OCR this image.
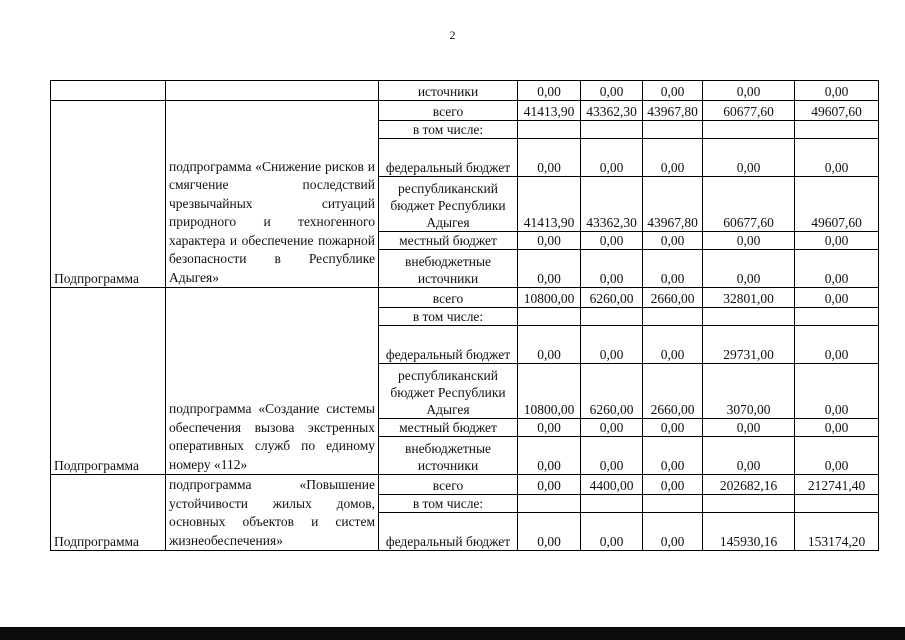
2
		источники	0,00	0,00	0,00	0,00	0,00
Подпрограмма	подпрограмма «Снижение рисков и смягчение последствий чрезвычайных ситуаций природного и техногенного характера и обеспечение пожарной безопасности в Республике Адыгея»	всего	41413,90	43362,30	43967,80	60677,60	49607,60
		в том числе:					
		федеральный бюджет	0,00	0,00	0,00	0,00	0,00
		республиканский бюджет Республики Адыгея	41413,90	43362,30	43967,80	60677,60	49607,60
		местный бюджет	0,00	0,00	0,00	0,00	0,00
		внебюджетные источники	0,00	0,00	0,00	0,00	0,00
Подпрограмма	подпрограмма «Создание системы обеспечения вызова экстренных оперативных служб по единому номеру «112»	всего	10800,00	6260,00	2660,00	32801,00	0,00
		в том числе:					
		федеральный бюджет	0,00	0,00	0,00	29731,00	0,00
		республиканский бюджет Республики Адыгея	10800,00	6260,00	2660,00	3070,00	0,00
		местный бюджет	0,00	0,00	0,00	0,00	0,00
		внебюджетные источники	0,00	0,00	0,00	0,00	0,00
Подпрограмма	подпрограмма «Повышение устойчивости жилых домов, основных объектов и систем жизнеобеспечения»	всего	0,00	4400,00	0,00	202682,16	212741,40
		в том числе:					
		федеральный бюджет	0,00	0,00	0,00	145930,16	153174,20
